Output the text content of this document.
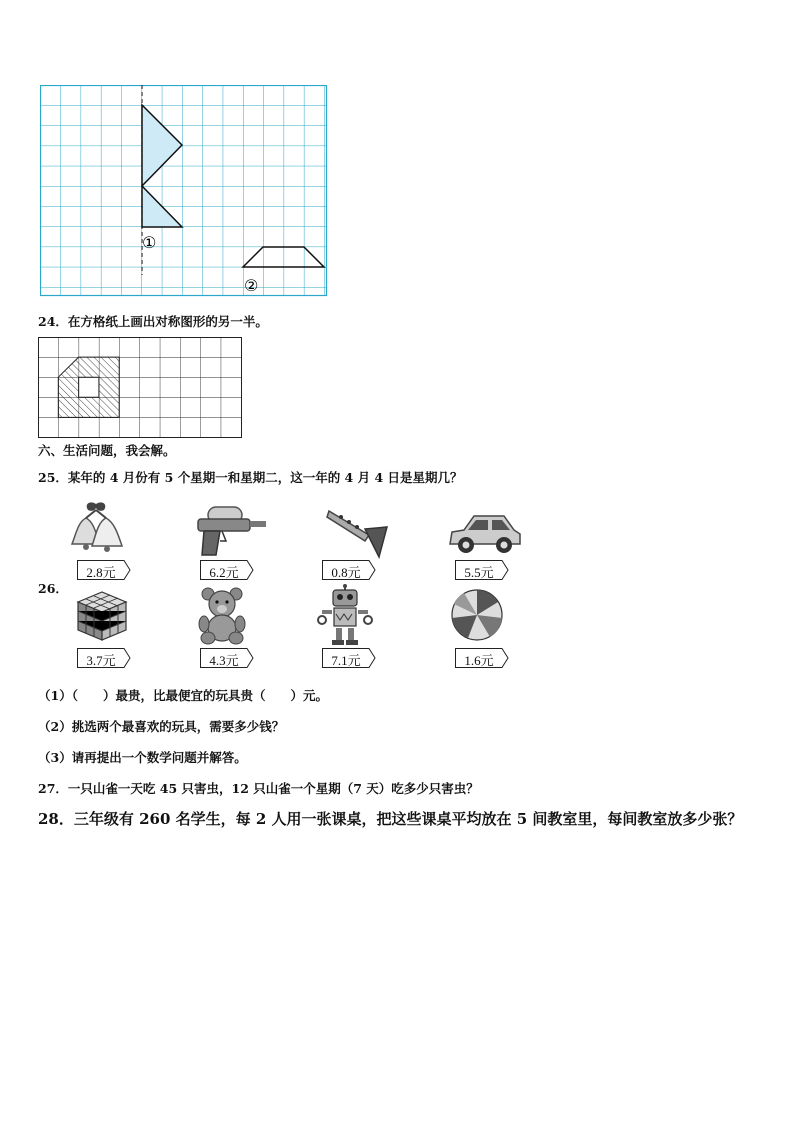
①
②
24．在方格纸上画出对称图形的另一半。
六、生活问题，我会解。
25．某年的 4 月份有 5 个星期一和星期二，这一年的 4 月 4 日是星期几？
26．
2.8元	6.2元	0.8元	5.5元
3.7元	4.3元	7.1元	1.6元
（1）（　　）最贵，比最便宜的玩具贵（　　）元。
（2）挑选两个最喜欢的玩具，需要多少钱？
（3）请再提出一个数学问题并解答。
27．一只山雀一天吃 45 只害虫，12 只山雀一个星期（7 天）吃多少只害虫？
28．三年级有 260 名学生，每 2 人用一张课桌，把这些课桌平均放在 5 间教室里，每间教室放多少张？
